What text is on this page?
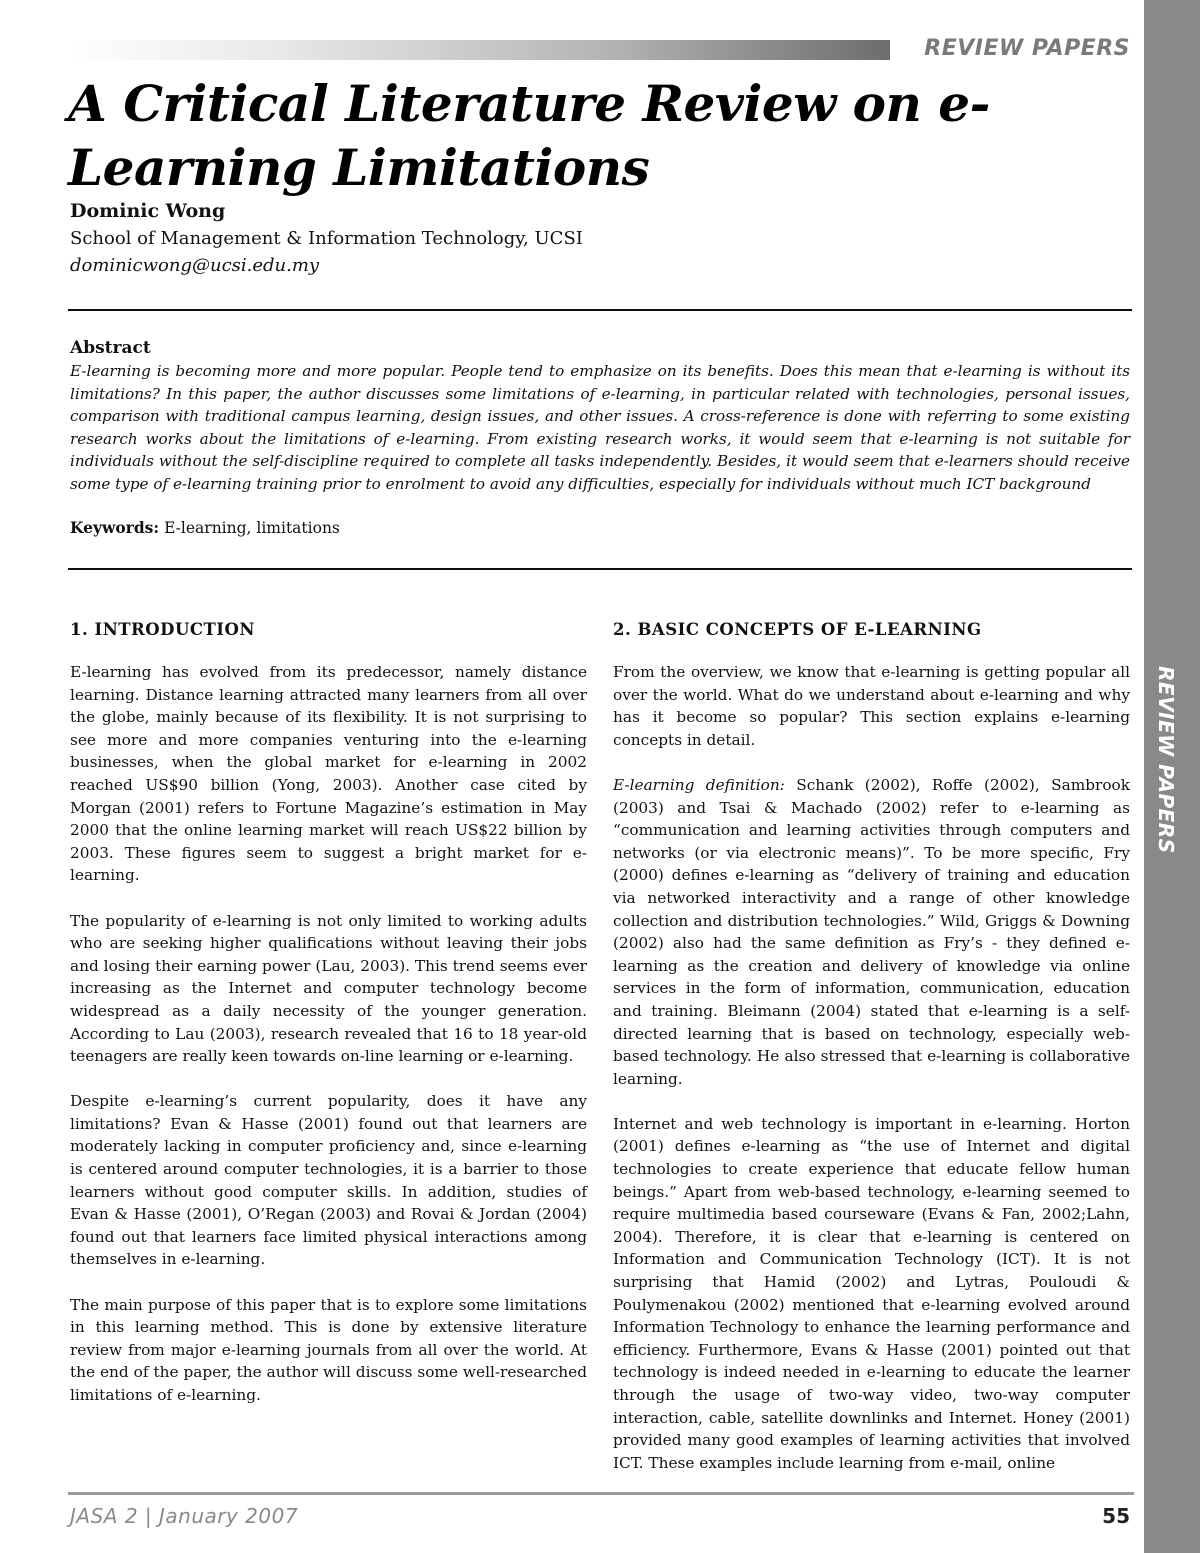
REVIEW PAPERS
REVIEW PAPERS
A Critical Literature Review on e-Learning Limitations
Dominic Wong
School of Management & Information Technology, UCSI
dominicwong@ucsi.edu.my
Abstract

E-learning is becoming more and more popular. People tend to emphasize on its benefits. Does this mean that e-learning is without its limitations? In this paper, the author discusses some limitations of e-learning, in particular related with technologies, personal issues, comparison with traditional campus learning, design issues, and other issues. A cross-reference is done with referring to some existing research works about the limitations of e-learning. From existing research works, it would seem that e-learning is not suitable for individuals without the self-discipline required to complete all tasks independently. Besides, it would seem that e-learners should receive some type of e-learning training prior to enrolment to avoid any difficulties, especially for individuals without much ICT background

Keywords: E-learning, limitations
1. INTRODUCTION

E-learning has evolved from its predecessor, namely distance learning. Distance learning attracted many learners from all over the globe, mainly because of its flexibility. It is not surprising to see more and more companies venturing into the e-learning businesses, when the global market for e-learning in 2002 reached US$90 billion (Yong, 2003). Another case cited by Morgan (2001) refers to Fortune Magazine’s estimation in May 2000 that the online learning market will reach US$22 billion by 2003. These figures seem to suggest a bright market for e-learning.

The popularity of e-learning is not only limited to working adults who are seeking higher qualifications without leaving their jobs and losing their earning power (Lau, 2003). This trend seems ever increasing as the Internet and computer technology become widespread as a daily necessity of the younger generation. According to Lau (2003), research revealed that 16 to 18 year-old teenagers are really keen towards on-line learning or e-learning.

Despite e-learning’s current popularity, does it have any limitations? Evan & Hasse (2001) found out that learners are moderately lacking in computer proficiency and, since e-learning is centered around computer technologies, it is a barrier to those learners without good computer skills. In addition, studies of Evan & Hasse (2001), O’Regan (2003) and Rovai & Jordan (2004) found out that learners face limited physical interactions among themselves in e-learning.

The main purpose of this paper that is to explore some limitations in this learning method. This is done by extensive literature review from major e-learning journals from all over the world. At the end of the paper, the author will discuss some well-researched limitations of e-learning.

2. BASIC CONCEPTS OF E-LEARNING

From the overview, we know that e-learning is getting popular all over the world. What do we understand about e-learning and why has it become so popular? This section explains e-learning concepts in detail.

E-learning definition: Schank (2002), Roffe (2002), Sambrook (2003) and Tsai & Machado (2002) refer to e-learning as “communication and learning activities through computers and networks (or via electronic means)”. To be more specific, Fry (2000) defines e-learning as “delivery of training and education via networked interactivity and a range of other knowledge collection and distribution technologies.” Wild, Griggs & Downing (2002) also had the same definition as Fry’s - they defined e-learning as the creation and delivery of knowledge via online services in the form of information, communication, education and training. Bleimann (2004) stated that e-learning is a self-directed learning that is based on technology, especially web-based technology. He also stressed that e-learning is collaborative learning.

Internet and web technology is important in e-learning. Horton (2001) defines e-learning as “the use of Internet and digital technologies to create experience that educate fellow human beings.” Apart from web-based technology, e-learning seemed to require multimedia based courseware (Evans & Fan, 2002;Lahn, 2004). Therefore, it is clear that e-learning is centered on Information and Communication Technology (ICT). It is not surprising that Hamid (2002) and Lytras, Pouloudi & Poulymenakou (2002) mentioned that e-learning evolved around Information Technology to enhance the learning performance and efficiency. Furthermore, Evans & Hasse (2001) pointed out that technology is indeed needed in e-learning to educate the learner through the usage of two-way video, two-way computer interaction, cable, satellite downlinks and Internet. Honey (2001) provided many good examples of learning activities that involved ICT. These examples include learning from e-mail, online

JASA 2 | January 2007	55
